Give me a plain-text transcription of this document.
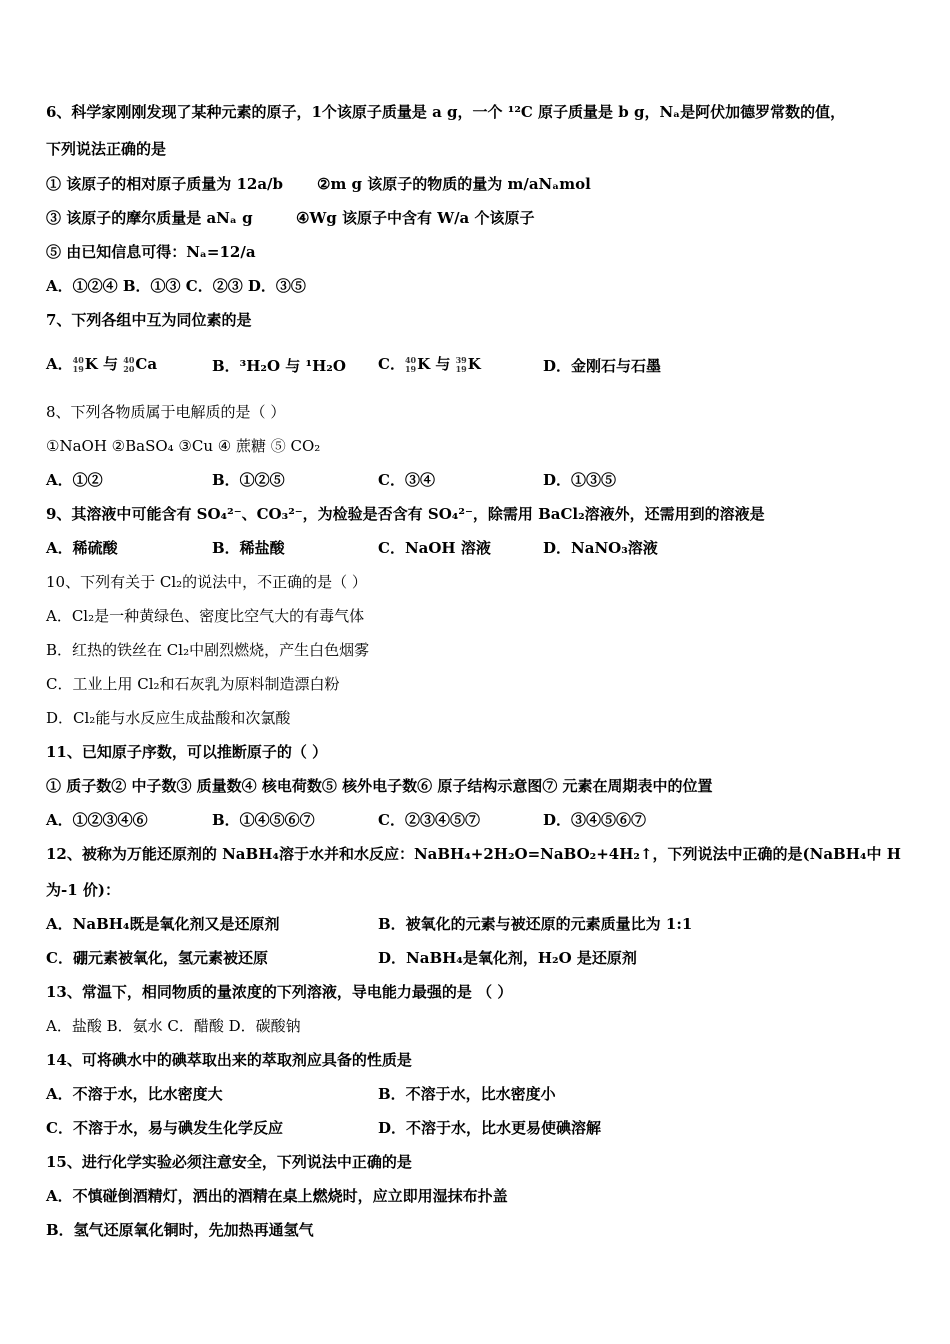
6、科学家刚刚发现了某种元素的原子，1个该原子质量是 a g，一个 ¹²C 原子质量是 b g，Nₐ是阿伏加德罗常数的值，
下列说法正确的是
① 该原子的相对原子质量为 12a/b ②m g 该原子的物质的量为 m/aNₐmol
③ 该原子的摩尔质量是 aNₐ g	④Wg 该原子中含有 W/a 个该原子
⑤ 由已知信息可得：Nₐ=12/a
A．①②④ B．①③ C．②③ D．③⑤
7、下列各组中互为同位素的是
A．40
19K 与 40
20Ca	B．³H₂O 与 ¹H₂O C．40
19K 与 39
19K	D．金刚石与石墨
8、下列各物质属于电解质的是（ ）
①NaOH ②BaSO₄ ③Cu ④ 蔗糖 ⑤ CO₂
A．①②	B．①②⑤	C．③④	D．①③⑤
9、其溶液中可能含有 SO₄²⁻、CO₃²⁻，为检验是否含有 SO₄²⁻，除需用 BaCl₂溶液外，还需用到的溶液是
A．稀硫酸	B．稀盐酸	C．NaOH 溶液	D．NaNO₃溶液
10、下列有关于 Cl₂的说法中，不正确的是（ ）
A．Cl₂是一种黄绿色、密度比空气大的有毒气体
B．红热的铁丝在 Cl₂中剧烈燃烧，产生白色烟雾
C．工业上用 Cl₂和石灰乳为原料制造漂白粉
D．Cl₂能与水反应生成盐酸和次氯酸
11、已知原子序数，可以推断原子的（ ）
① 质子数② 中子数③ 质量数④ 核电荷数⑤ 核外电子数⑥ 原子结构示意图⑦ 元素在周期表中的位置
A．①②③④⑥	B．①④⑤⑥⑦	C．②③④⑤⑦	D．③④⑤⑥⑦
12、被称为万能还原剂的 NaBH₄溶于水并和水反应：NaBH₄+2H₂O=NaBO₂+4H₂↑，下列说法中正确的是(NaBH₄中 H
为-1 价)：
A．NaBH₄既是氧化剂又是还原剂	B．被氧化的元素与被还原的元素质量比为 1:1
C．硼元素被氧化，氢元素被还原	D．NaBH₄是氧化剂，H₂O 是还原剂
13、常温下，相同物质的量浓度的下列溶液，导电能力最强的是 （ ）
A．盐酸 B．氨水 C．醋酸 D．碳酸钠
14、可将碘水中的碘萃取出来的萃取剂应具备的性质是
A．不溶于水，比水密度大	B．不溶于水，比水密度小
C．不溶于水，易与碘发生化学反应	D．不溶于水，比水更易使碘溶解
15、进行化学实验必须注意安全，下列说法中正确的是
A．不慎碰倒酒精灯，洒出的酒精在桌上燃烧时，应立即用湿抹布扑盖
B．氢气还原氧化铜时，先加热再通氢气
